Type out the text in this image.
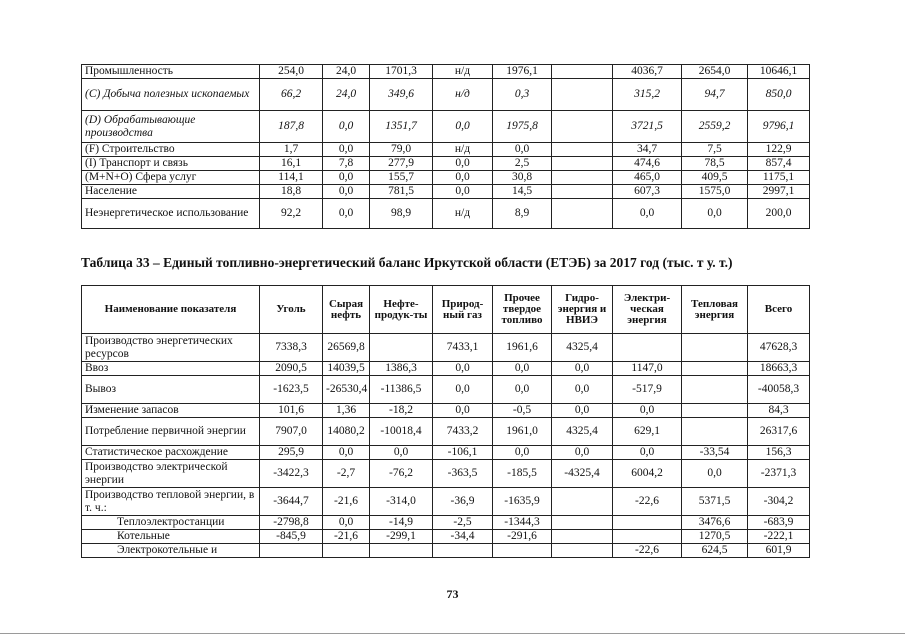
Промышленность	254,0	24,0	1701,3	н/д	1976,1		4036,7	2654,0	10646,1
(C) Добыча полезных ископаемых	66,2	24,0	349,6	н/д	0,3		315,2	94,7	850,0
(D) Обрабатывающие производства	187,8	0,0	1351,7	0,0	1975,8		3721,5	2559,2	9796,1
(F) Строительство	1,7	0,0	79,0	н/д	0,0		34,7	7,5	122,9
(I) Транспорт и связь	16,1	7,8	277,9	0,0	2,5		474,6	78,5	857,4
(M+N+O) Сфера услуг	114,1	0,0	155,7	0,0	30,8		465,0	409,5	1175,1
Население	18,8	0,0	781,5	0,0	14,5		607,3	1575,0	2997,1
Неэнергетическое использование	92,2	0,0	98,9	н/д	8,9		0,0	0,0	200,0
Таблица 33 – Единый топливно-энергетический баланс Иркутской области (ЕТЭБ) за 2017 год (тыс. т у. т.)
Наименование показателя	Уголь	Сырая нефть	Нефте-продук-ты	Природ-ный газ	Прочее твердое топливо	Гидро-энергия и НВИЭ	Электри-ческая энергия	Тепловая энергия	Всего
Производство энергетических ресурсов	7338,3	26569,8		7433,1	1961,6	4325,4			47628,3
Ввоз	2090,5	14039,5	1386,3	0,0	0,0	0,0	1147,0		18663,3
Вывоз	-1623,5	-26530,4	-11386,5	0,0	0,0	0,0	-517,9		-40058,3
Изменение запасов	101,6	1,36	-18,2	0,0	-0,5	0,0	0,0		84,3
Потребление первичной энергии	7907,0	14080,2	-10018,4	7433,2	1961,0	4325,4	629,1		26317,6
Статистическое расхождение	295,9	0,0	0,0	-106,1	0,0	0,0	0,0	-33,54	156,3
Производство электрической энергии	-3422,3	-2,7	-76,2	-363,5	-185,5	-4325,4	6004,2	0,0	-2371,3
Производство тепловой энергии, в т. ч.:	-3644,7	-21,6	-314,0	-36,9	-1635,9		-22,6	5371,5	-304,2
Теплоэлектростанции	-2798,8	0,0	-14,9	-2,5	-1344,3			3476,6	-683,9
Котельные	-845,9	-21,6	-299,1	-34,4	-291,6			1270,5	-222,1
Электрокотельные и							-22,6	624,5	601,9
73
